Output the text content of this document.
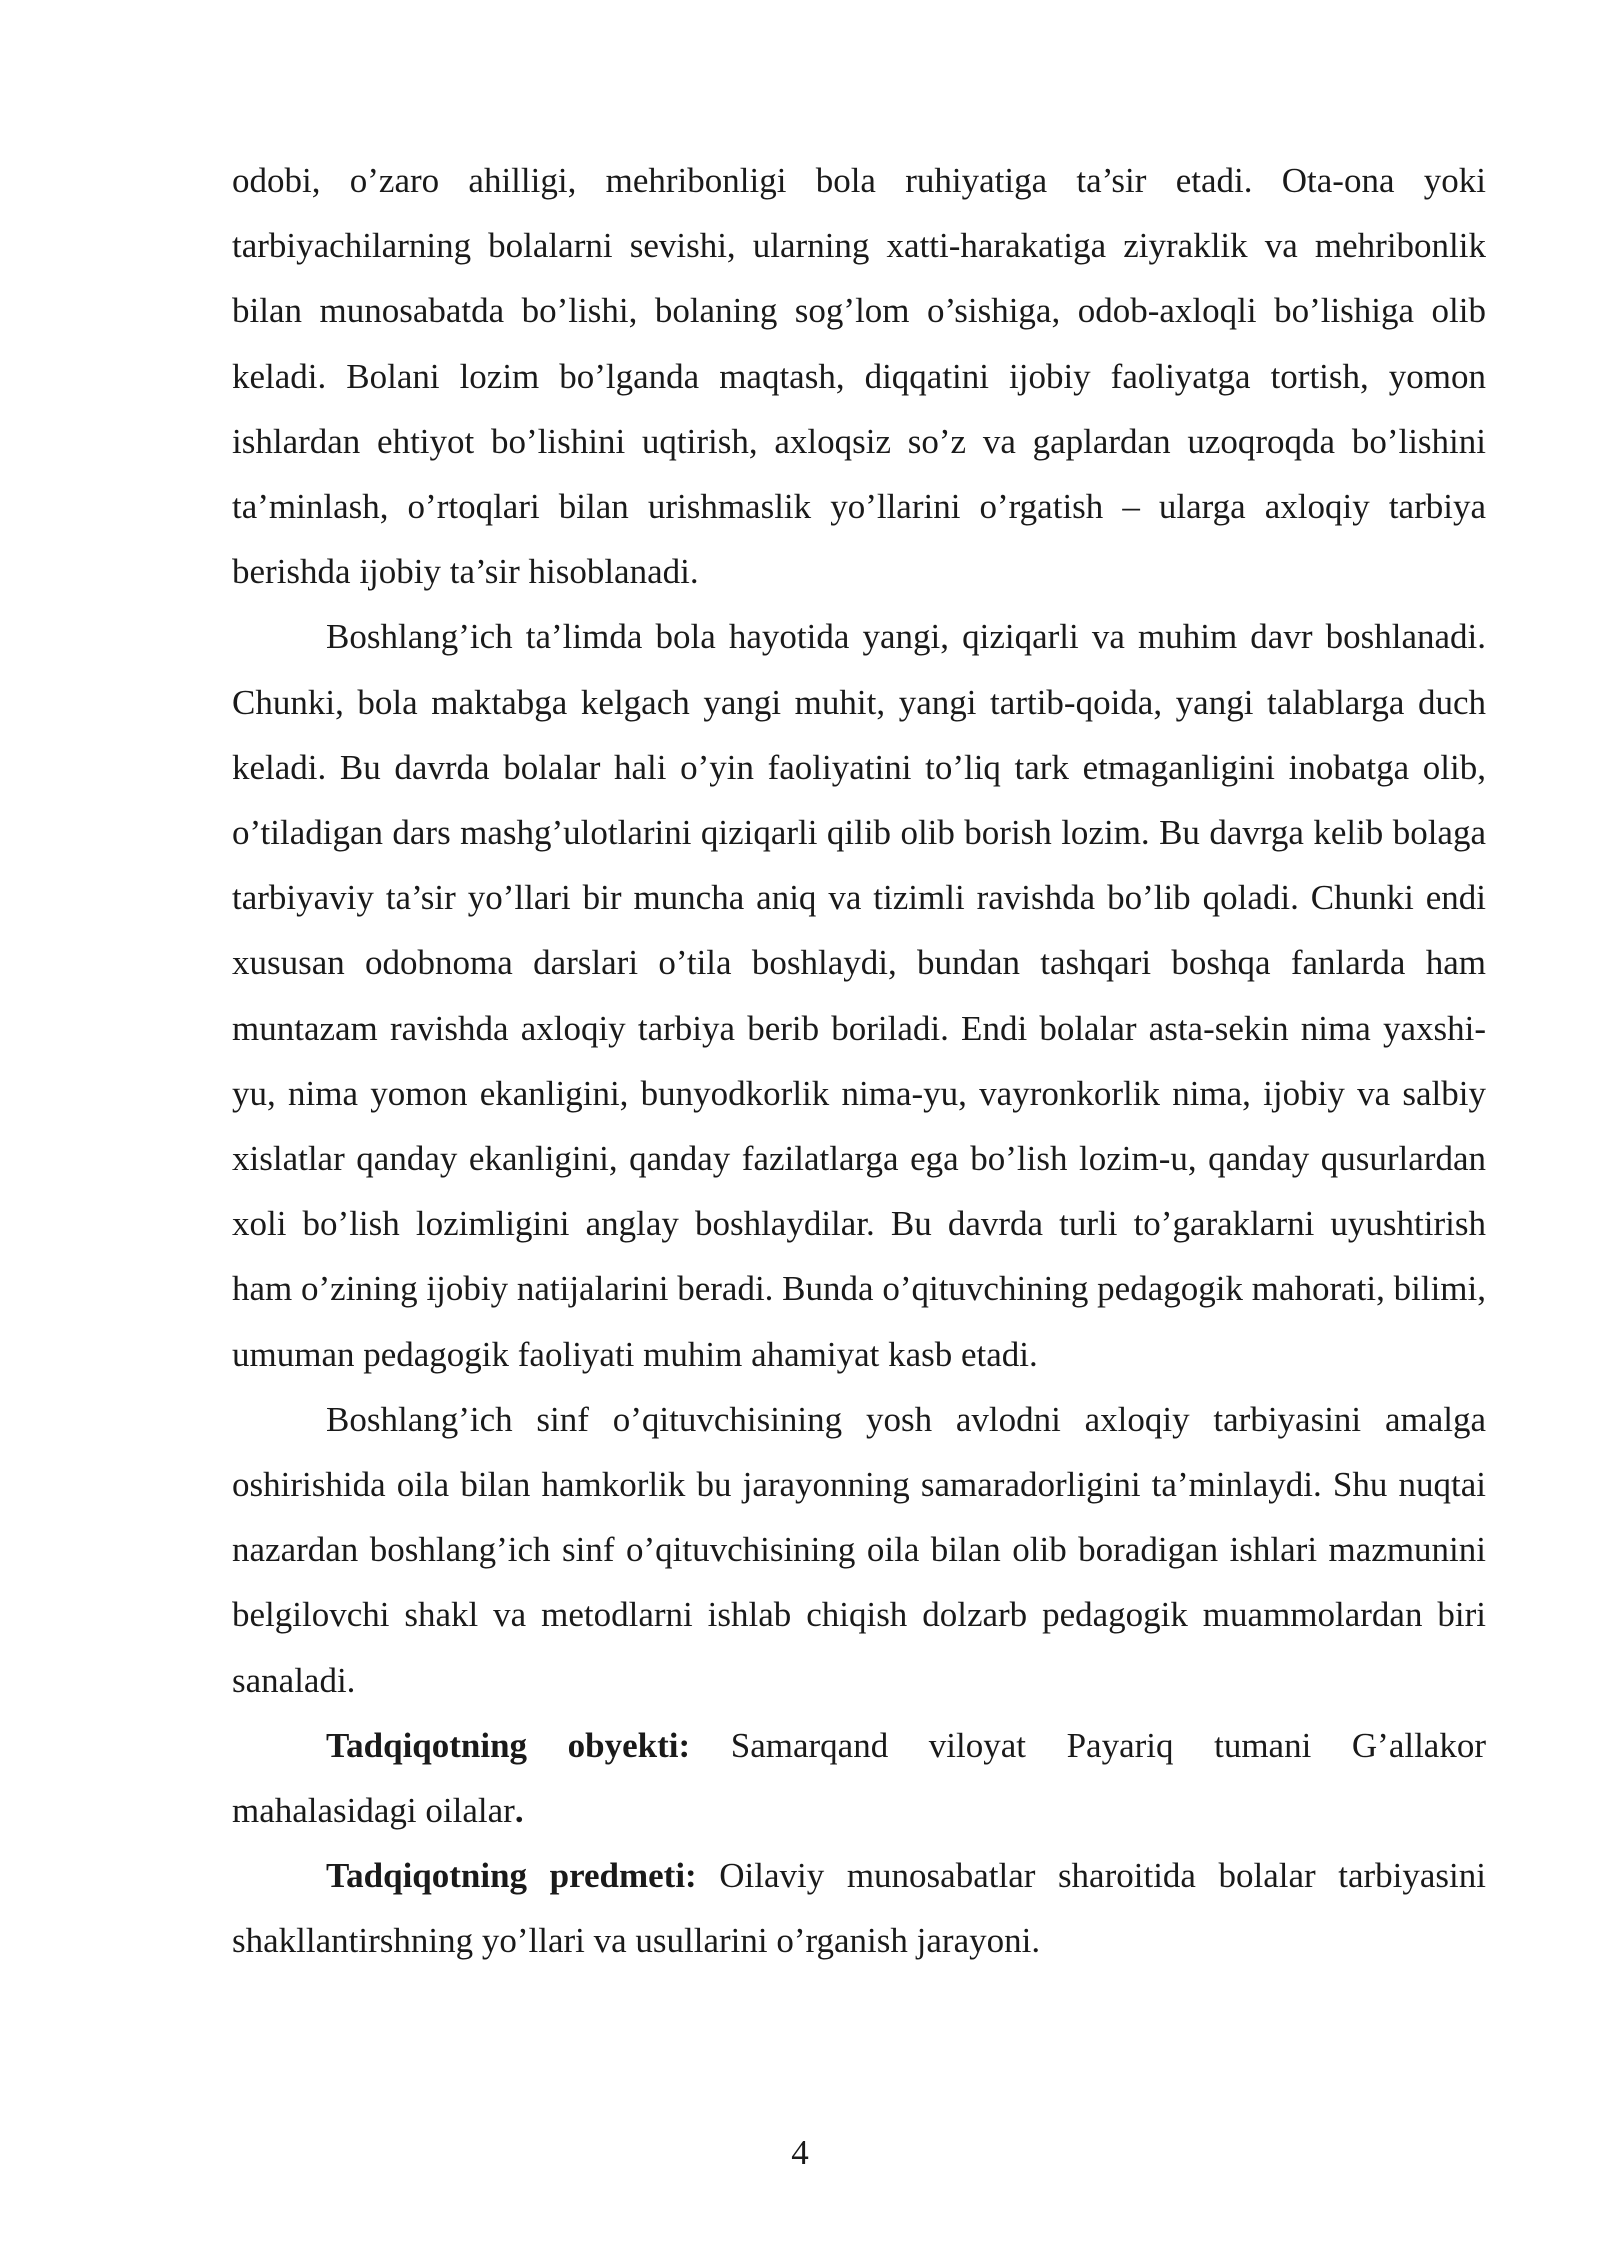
odobi, o’zaro ahilligi, mehribonligi bola ruhiyatiga ta’sir etadi. Ota-ona yoki tarbiyachilarning bolalarni sevishi, ularning xatti-harakatiga ziyraklik va mehribonlik bilan munosabatda bo’lishi, bolaning sog’lom o’sishiga, odob-axloqli bo’lishiga olib keladi. Bolani lozim bo’lganda maqtash, diqqatini ijobiy faoliyatga tortish, yomon ishlardan ehtiyot bo’lishini uqtirish, axloqsiz so’z va gaplardan uzoqroqda bo’lishini ta’minlash, o’rtoqlari bilan urishmaslik yo’llarini o’rgatish – ularga axloqiy tarbiya berishda ijobiy ta’sir hisoblanadi.

Boshlang’ich ta’limda bola hayotida yangi, qiziqarli va muhim davr boshlanadi. Chunki, bola maktabga kelgach yangi muhit, yangi tartib-qoida, yangi talablarga duch keladi. Bu davrda bolalar hali o’yin faoliyatini to’liq tark etmaganligini inobatga olib, o’tiladigan dars mashg’ulotlarini qiziqarli qilib olib borish lozim. Bu davrga kelib bolaga tarbiyaviy ta’sir yo’llari bir muncha aniq va tizimli ravishda bo’lib qoladi. Chunki endi xususan odobnoma darslari o’tila boshlaydi, bundan tashqari boshqa fanlarda ham muntazam ravishda axloqiy tarbiya berib boriladi. Endi bolalar asta-sekin nima yaxshi-yu, nima yomon ekanligini, bunyodkorlik nima-yu, vayronkorlik nima, ijobiy va salbiy xislatlar qanday ekanligini, qanday fazilatlarga ega bo’lish lozim-u, qanday qusurlardan xoli bo’lish lozimligini anglay boshlaydilar. Bu davrda turli to’garaklarni uyushtirish ham o’zining ijobiy natijalarini beradi. Bunda o’qituvchining pedagogik mahorati, bilimi, umuman pedagogik faoliyati muhim ahamiyat kasb etadi.

Boshlang’ich sinf o’qituvchisining yosh avlodni axloqiy tarbiyasini amalga oshirishida oila bilan hamkorlik bu jarayonning samaradorligini ta’minlaydi. Shu nuqtai nazardan boshlang’ich sinf o’qituvchisining oila bilan olib boradigan ishlari mazmunini belgilovchi shakl va metodlarni ishlab chiqish dolzarb pedagogik muammolardan biri sanaladi.

Tadqiqotning obyekti: Samarqand viloyat Payariq tumani G’allakor mahalasidagi oilalar.

Tadqiqotning predmeti: Oilaviy munosabatlar sharoitida bolalar tarbiyasini shakllantirshning yo’llari va usullarini o’rganish jarayoni.

4
